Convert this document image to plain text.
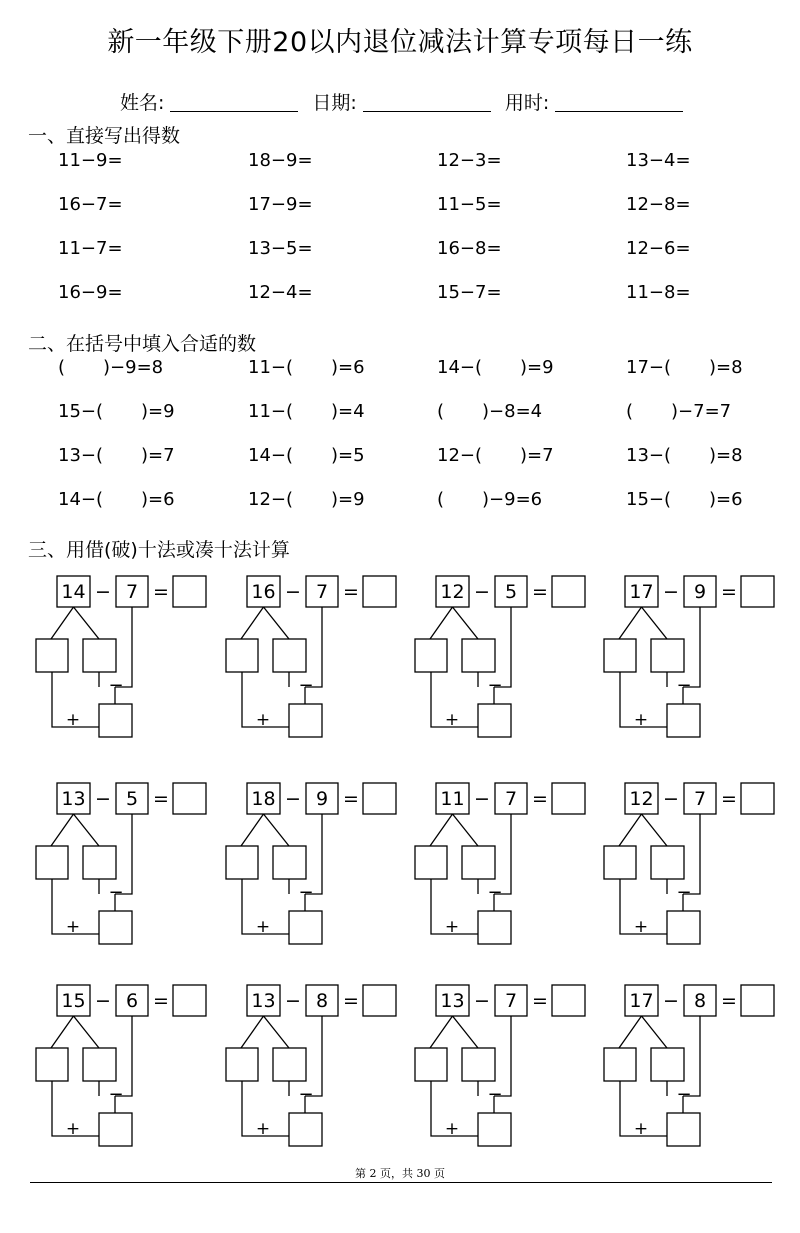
新一年级下册20以内退位减法计算专项每日一练
姓名:	日期:	用时:
一、直接写出得数
11−9=	18−9=	12−3=	13−4=
16−7=	17−9=	11−5=	12−8=
11−7=	13−5=	16−8=	12−6=
16−9=	12−4=	15−7=	11−8=
二、在括号中填入合适的数
( )−9=8	11−( )=6	14−( )=9	17−( )=8
15−( )=9	11−( )=4	( )−8=4	( )−7=7
13−( )=7	14−( )=5	12−( )=7	13−( )=8
14−( )=6	12−( )=9	( )−9=6	15−( )=6
三、用借(破)十法或凑十法计算
14 − 7 =
−
+
16 − 7 =
−
+
12 − 5 =
−
+
17 − 9 =
−
+
13 − 5 =
−
+
18 − 9 =
−
+
11 − 7 =
−
+
12 − 7 =
−
+
15 − 6 =
−
+
13 − 8 =
−
+
13 − 7 =
−
+
17 − 8 =
−
+
第 2 页，共 30 页
